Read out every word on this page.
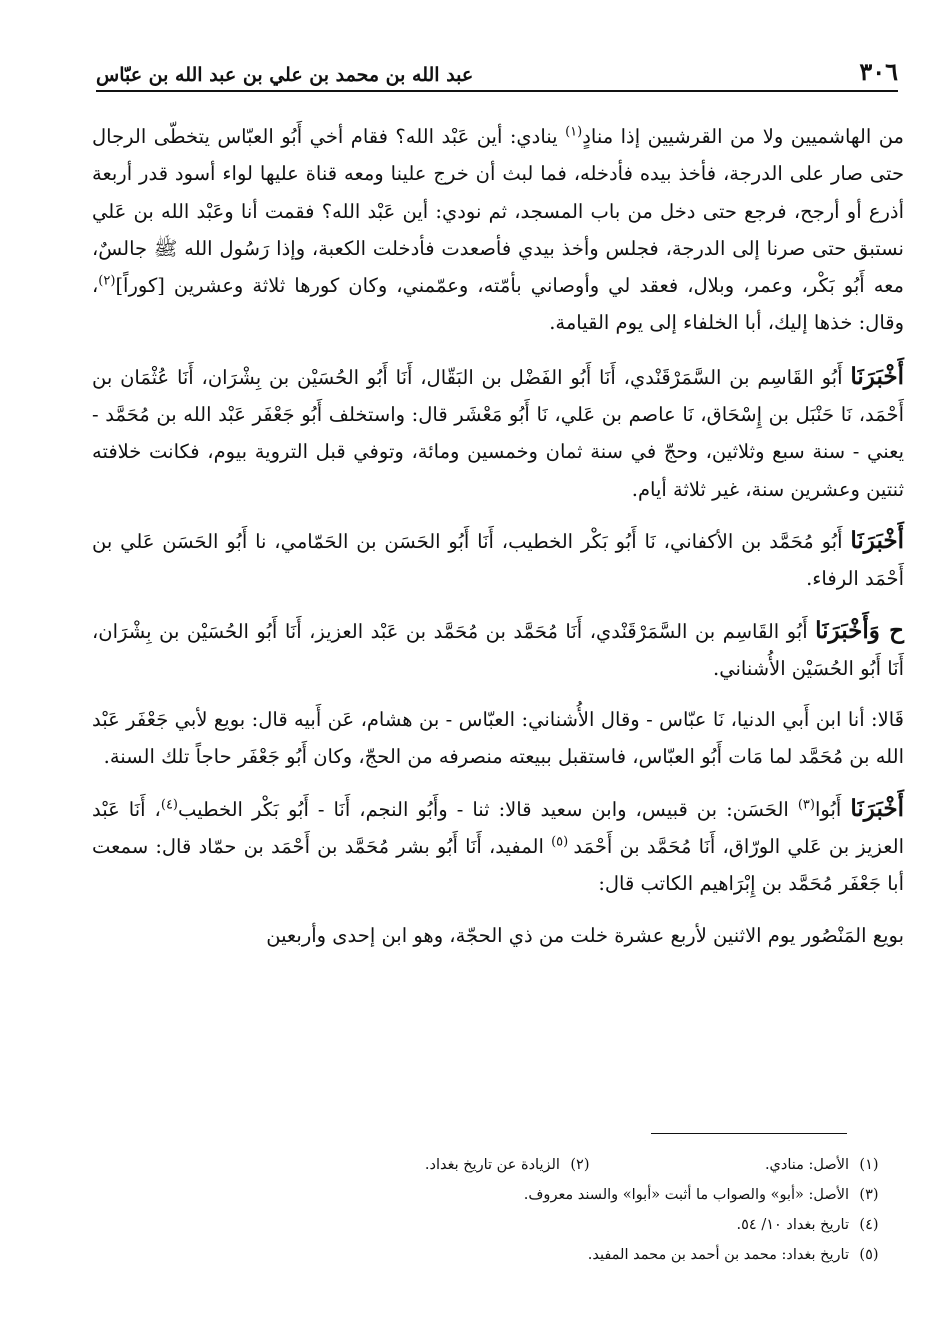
٣٠٦
عبد الله بن محمد بن علي بن عبد الله بن عبّاس

من الهاشميين ولا من القرشيين إذا منادٍ$^{(١)}$ ينادي: أين عَبْد الله؟ فقام أخي أَبُو العبّاس يتخطّى الرجال حتى صار على الدرجة، فأخذ بيده فأدخله، فما لبث أن خرج علينا ومعه قناة عليها لواء أسود قدر أربعة أذرع أو أرجح، فرجع حتى دخل من باب المسجد، ثم نودي: أين عَبْد الله؟ فقمت أنا وعَبْد الله بن عَلي نستبق حتى صرنا إلى الدرجة، فجلس وأخذ بيدي فأصعدت فأدخلت الكعبة، وإذا رَسُول الله ﷺ جالسٌ، معه أَبُو بَكْر، وعمر، وبلال، فعقد لي وأوصاني بأمّته، وعمّمني، وكان كورها ثلاثة وعشرين [كوراً]$^{(٢)}$، وقال: خذها إليك، أبا الخلفاء إلى يوم القيامة.

أَخْبَرَنَا أَبُو القَاسِم بن السَّمَرْقَنْدي، أَنَا أَبُو الفَضْل بن البَقّال، أَنَا أَبُو الحُسَيْن بن بِشْرَان، أَنَا عُثْمَان بن أَحْمَد، نَا حَنْبَل بن إِسْحَاق، نَا عاصم بن عَلي، نَا أَبُو مَعْشَر قال: واستخلف أَبُو جَعْفَر عَبْد الله بن مُحَمَّد - يعني - سنة سبع وثلاثين، وحجّ في سنة ثمان وخمسين ومائة، وتوفي قبل التروية بيوم، فكانت خلافته ثنتين وعشرين سنة، غير ثلاثة أيام.

أَخْبَرَنَا أَبُو مُحَمَّد بن الأكفاني، نَا أَبُو بَكْر الخطيب، أَنَا أَبُو الحَسَن بن الحَمّامي، نا أَبُو الحَسَن عَلي بن أَحْمَد الرفاء.

ح وَأَخْبَرَنَا أَبُو القَاسِم بن السَّمَرْقَنْدي، أَنَا مُحَمَّد بن مُحَمَّد بن عَبْد العزيز، أَنَا أَبُو الحُسَيْن بن بِشْرَان، أَنَا أَبُو الحُسَيْن الأُشناني.

قَالا: أنا ابن أَبي الدنيا، نَا عبّاس - وقال الأُشناني: العبّاس - بن هشام، عَن أَبيه قال: بويع لأبي جَعْفَر عَبْد الله بن مُحَمَّد لما مَات أَبُو العبّاس، فاستقبل ببيعته منصرفه من الحجّ، وكان أَبُو جَعْفَر حاجاً تلك السنة.

أَخْبَرَنَا أَبُوا$^{(٣)}$ الحَسَن: بن قبيس، وابن سعيد قالا: ثنا - وأَبُو النجم، أَنَا - أَبُو بَكْر الخطيب$^{(٤)}$، أَنَا عَبْد العزيز بن عَلي الورّاق، أَنَا مُحَمَّد بن أَحْمَد $^{(٥)}$ المفيد، أَنَا أَبُو بشر مُحَمَّد بن أَحْمَد بن حمّاد قال: سمعت أبا جَعْفَر مُحَمَّد بن إِبْرَاهيم الكاتب قال:

بويع المَنْصُور يوم الاثنين لأربع عشرة خلت من ذي الحجّة، وهو ابن إحدى وأربعين

(١)
الأصل: منادي.
(٢)
الزيادة عن تاريخ بغداد.
(٣)
الأصل: «أبو» والصواب ما أثبت «أبوا» والسند معروف.
(٤)
تاريخ بغداد ١٠/ ٥٤.
(٥)
تاريخ بغداد: محمد بن أحمد بن محمد المفيد.
